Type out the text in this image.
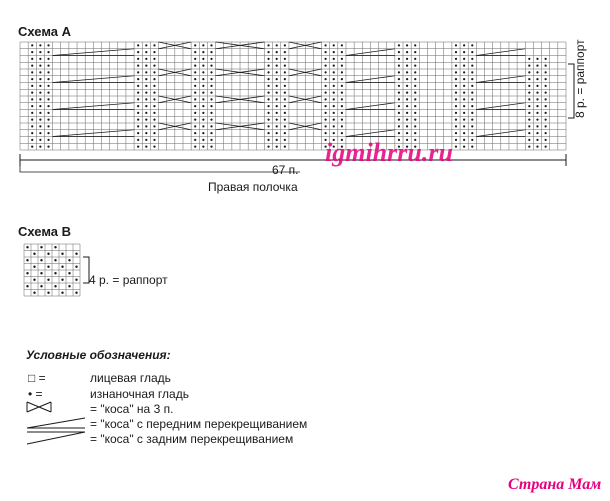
Схема А
67 п.
Правая полочка
8 р. = раппорт
igmihrru.ru
Схема В
4 р. = раппорт
Условные обозначения:
□ =	лицевая гладь
• =	изнаночная гладь
= "коса" на 3 п.
= "коса" с передним перекрещиванием
= "коса" с задним перекрещиванием
Страна Мам
